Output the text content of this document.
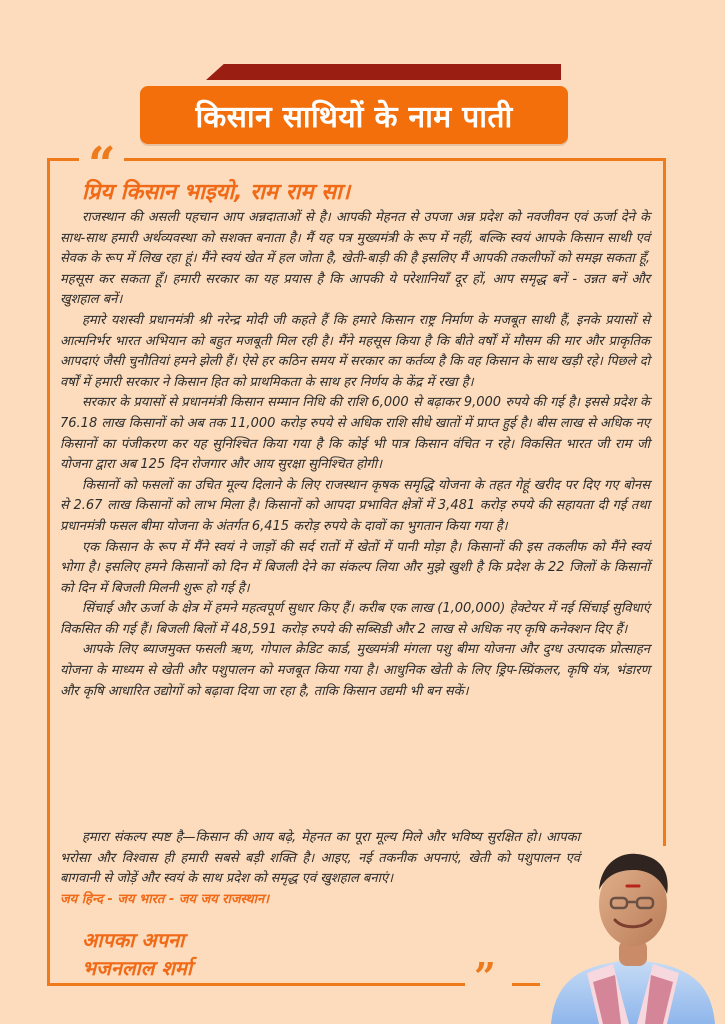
किसान साथियों के नाम पाती
“
”
प्रिय किसान भाइयो, राम राम सा।

राजस्थान की असली पहचान आप अन्नदाताओं से है। आपकी मेहनत से उपजा अन्न प्रदेश को नवजीवन एवं ऊर्जा देने के साथ-साथ हमारी अर्थव्यवस्था को सशक्त बनाता है। मैं यह पत्र मुख्यमंत्री के रूप में नहीं, बल्कि स्वयं आपके किसान साथी एवं सेवक के रूप में लिख रहा हूं। मैंने स्वयं खेत में हल जोता है, खेती-बाड़ी की है इसलिए मैं आपकी तकलीफों को समझ सकता हूँ, महसूस कर सकता हूँ। हमारी सरकार का यह प्रयास है कि आपकी ये परेशानियाँ दूर हों, आप समृद्ध बनें - उन्नत बनें और खुशहाल बनें।

हमारे यशस्वी प्रधानमंत्री श्री नरेन्द्र मोदी जी कहते हैं कि हमारे किसान राष्ट्र निर्माण के मजबूत साथी हैं, इनके प्रयासों से आत्मनिर्भर भारत अभियान को बहुत मजबूती मिल रही है। मैंने महसूस किया है कि बीते वर्षों में मौसम की मार और प्राकृतिक आपदाएं जैसी चुनौतियां हमने झेली हैं। ऐसे हर कठिन समय में सरकार का कर्तव्य है कि वह किसान के साथ खड़ी रहे। पिछले दो वर्षों में हमारी सरकार ने किसान हित को प्राथमिकता के साथ हर निर्णय के केंद्र में रखा है।

सरकार के प्रयासों से प्रधानमंत्री किसान सम्मान निधि की राशि 6,000 से बढ़ाकर 9,000 रुपये की गई है। इससे प्रदेश के 76.18 लाख किसानों को अब तक 11,000 करोड़ रुपये से अधिक राशि सीधे खातों में प्राप्त हुई है। बीस लाख से अधिक नए किसानों का पंजीकरण कर यह सुनिश्चित किया गया है कि कोई भी पात्र किसान वंचित न रहे। विकसित भारत जी राम जी योजना द्वारा अब 125 दिन रोजगार और आय सुरक्षा सुनिश्चित होगी।

किसानों को फसलों का उचित मूल्य दिलाने के लिए राजस्थान कृषक समृद्धि योजना के तहत गेहूं खरीद पर दिए गए बोनस से 2.67 लाख किसानों को लाभ मिला है। किसानों को आपदा प्रभावित क्षेत्रों में 3,481 करोड़ रुपये की सहायता दी गई तथा प्रधानमंत्री फसल बीमा योजना के अंतर्गत 6,415 करोड़ रुपये के दावों का भुगतान किया गया है।

एक किसान के रूप में मैंने स्वयं ने जाड़ों की सर्द रातों में खेतों में पानी मोड़ा है। किसानों की इस तकलीफ को मैंने स्वयं भोगा है। इसलिए हमने किसानों को दिन में बिजली देने का संकल्प लिया और मुझे खुशी है कि प्रदेश के 22 जिलों के किसानों को दिन में बिजली मिलनी शुरू हो गई है।

सिंचाई और ऊर्जा के क्षेत्र में हमने महत्वपूर्ण सुधार किए हैं। करीब एक लाख (1,00,000) हेक्टेयर में नई सिंचाई सुविधाएं विकसित की गई हैं। बिजली बिलों में 48,591 करोड़ रुपये की सब्सिडी और 2 लाख से अधिक नए कृषि कनेक्शन दिए हैं।

आपके लिए ब्याजमुक्त फसली ऋण, गोपाल क्रेडिट कार्ड, मुख्यमंत्री मंगला पशु बीमा योजना और दुग्ध उत्पादक प्रोत्साहन योजना के माध्यम से खेती और पशुपालन को मजबूत किया गया है। आधुनिक खेती के लिए ड्रिप-स्प्रिंकलर, कृषि यंत्र, भंडारण और कृषि आधारित उद्योगों को बढ़ावा दिया जा रहा है, ताकि किसान उद्यमी भी बन सकें।

हमारा संकल्प स्पष्ट है—किसान की आय बढ़े, मेहनत का पूरा मूल्य मिले और भविष्य सुरक्षित हो। आपका भरोसा और विश्वास ही हमारी सबसे बड़ी शक्ति है। आइए, नई तकनीक अपनाएं, खेती को पशुपालन एवं बागवानी से जोड़ें और स्वयं के साथ प्रदेश को समृद्ध एवं खुशहाल बनाएं।

जय हिन्द - जय भारत - जय जय राजस्थान।

आपका अपना
भजनलाल शर्मा
